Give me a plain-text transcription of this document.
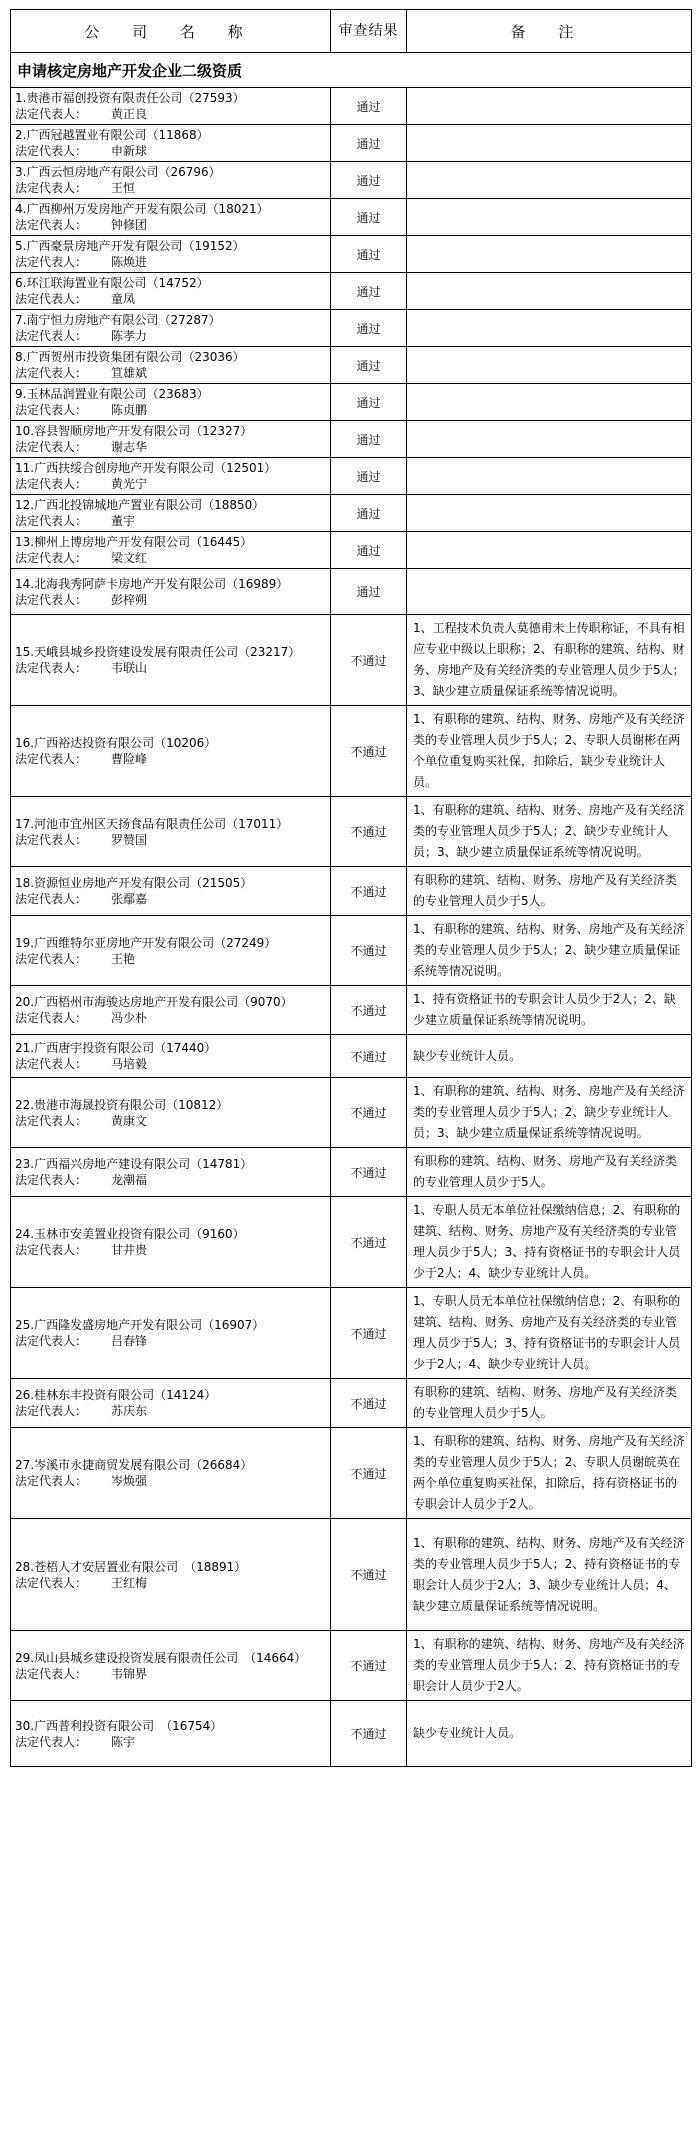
公 司 名 称	审查结果	备 注
申请核定房地产开发企业二级资质		
1.贵港市福创投资有限责任公司（27593）
法定代表人： 黄正良	通过	
2.广西冠越置业有限公司（11868）
法定代表人： 申新球	通过	
3.广西云恒房地产有限公司（26796）
法定代表人： 王恒	通过	
4.广西柳州万发房地产开发有限公司（18021）
法定代表人： 钟修团	通过	
5.广西豪景房地产开发有限公司（19152）
法定代表人： 陈焕进	通过	
6.环江联海置业有限公司（14752）
法定代表人： 童凤	通过	
7.南宁恒力房地产有限公司（27287）
法定代表人： 陈孝力	通过	
8.广西贺州市投资集团有限公司（23036）
法定代表人： 笪雄斌	通过	
9.玉林品润置业有限公司（23683）
法定代表人： 陈贞鹏	通过	
10.容县智顺房地产开发有限公司（12327）
法定代表人： 谢志华	通过	
11.广西扶绥合创房地产开发有限公司（12501）
法定代表人： 黄光宁	通过	
12.广西北投锦城地产置业有限公司（18850）
法定代表人： 董宇	通过	
13.柳州上博房地产开发有限公司（16445）
法定代表人： 梁文红	通过	
14.北海我秀阿萨卡房地产开发有限公司（16989）
法定代表人： 彭梓朔	通过	
15.天峨县城乡投资建设发展有限责任公司（23217）
法定代表人： 韦联山	不通过	1、工程技术负责人莫德甫未上传职称证，不具有相应专业中级以上职称；2、有职称的建筑、结构、财务、房地产及有关经济类的专业管理人员少于5人；3、缺少建立质量保证系统等情况说明。
16.广西裕达投资有限公司（10206）
法定代表人： 曹险峰	不通过	1、有职称的建筑、结构、财务、房地产及有关经济类的专业管理人员少于5人；2、专职人员谢彬在两个单位重复购买社保，扣除后，缺少专业统计人员。
17.河池市宜州区天扬食品有限责任公司（17011）
法定代表人： 罗赞国	不通过	1、有职称的建筑、结构、财务、房地产及有关经济类的专业管理人员少于5人；2、缺少专业统计人员；3、缺少建立质量保证系统等情况说明。
18.资源恒业房地产开发有限公司（21505）
法定代表人： 张鄢嘉	不通过	有职称的建筑、结构、财务、房地产及有关经济类的专业管理人员少于5人。
19.广西维特尔亚房地产开发有限公司（27249）
法定代表人： 王艳	不通过	1、有职称的建筑、结构、财务、房地产及有关经济类的专业管理人员少于5人；2、缺少建立质量保证系统等情况说明。
20.广西梧州市海骏达房地产开发有限公司（9070）
法定代表人： 冯少朴	不通过	1、持有资格证书的专职会计人员少于2人；2、缺少建立质量保证系统等情况说明。
21.广西唐宇投资有限公司（17440）
法定代表人： 马培毅	不通过	缺少专业统计人员。
22.贵港市海晟投资有限公司（10812）
法定代表人： 黄康文	不通过	1、有职称的建筑、结构、财务、房地产及有关经济类的专业管理人员少于5人；2、缺少专业统计人员；3、缺少建立质量保证系统等情况说明。
23.广西福兴房地产建设有限公司（14781）
法定代表人： 龙潮福	不通过	有职称的建筑、结构、财务、房地产及有关经济类的专业管理人员少于5人。
24.玉林市安美置业投资有限公司（9160）
法定代表人： 甘井贵	不通过	1、专职人员无本单位社保缴纳信息；2、有职称的建筑、结构、财务、房地产及有关经济类的专业管理人员少于5人；3、持有资格证书的专职会计人员少于2人；4、缺少专业统计人员。
25.广西隆发盛房地产开发有限公司（16907）
法定代表人： 吕春锋	不通过	1、专职人员无本单位社保缴纳信息；2、有职称的建筑、结构、财务、房地产及有关经济类的专业管理人员少于5人；3、持有资格证书的专职会计人员少于2人；4、缺少专业统计人员。
26.桂林东丰投资有限公司（14124）
法定代表人： 苏庆东	不通过	有职称的建筑、结构、财务、房地产及有关经济类的专业管理人员少于5人。
27.岑溪市永捷商贸发展有限公司（26684）
法定代表人： 岑焕强	不通过	1、有职称的建筑、结构、财务、房地产及有关经济类的专业管理人员少于5人；2、专职人员谢皖英在两个单位重复购买社保，扣除后，持有资格证书的专职会计人员少于2人。
28.苍梧人才安居置业有限公司　（18891）
法定代表人： 王红梅	不通过	1、有职称的建筑、结构、财务、房地产及有关经济类的专业管理人员少于5人；2、持有资格证书的专职会计人员少于2人；3、缺少专业统计人员；4、缺少建立质量保证系统等情况说明。
29.凤山县城乡建设投资发展有限责任公司　（14664）
法定代表人： 韦锦界	不通过	1、有职称的建筑、结构、财务、房地产及有关经济类的专业管理人员少于5人；2、持有资格证书的专职会计人员少于2人。
30.广西普利投资有限公司　（16754）
法定代表人： 陈宇	不通过	缺少专业统计人员。
